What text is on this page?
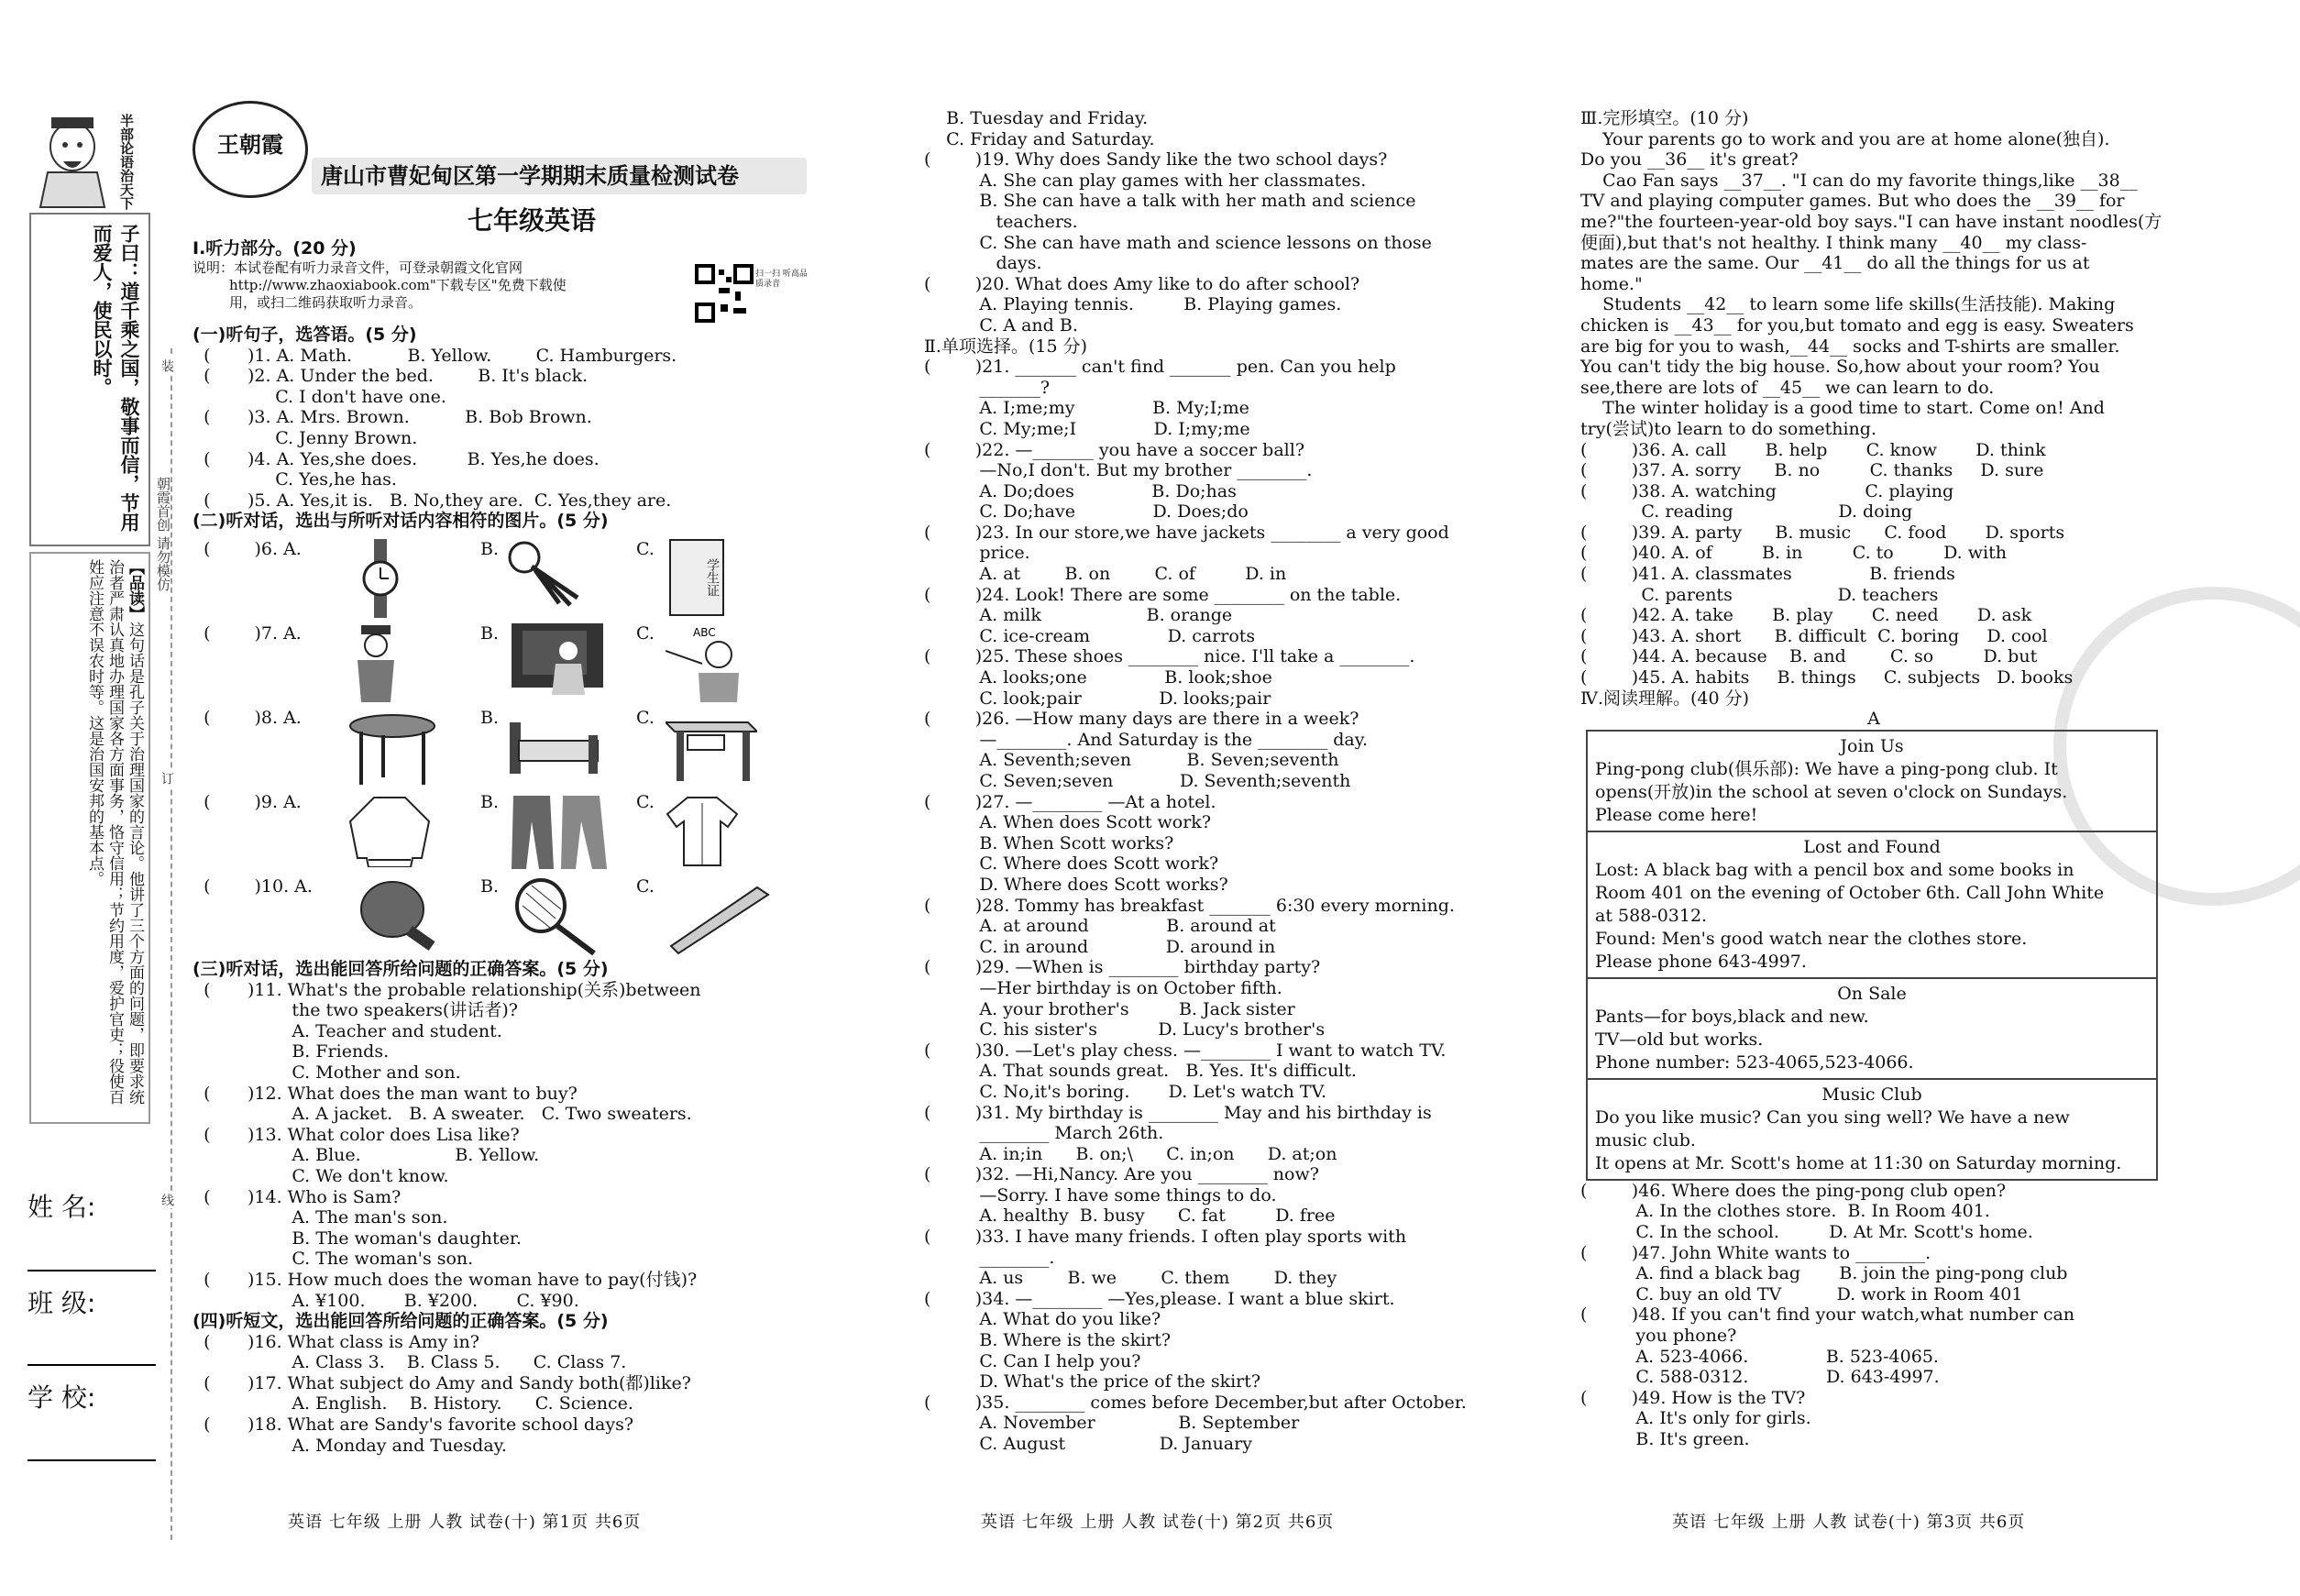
半部论语治天下
子曰：道千乘之国，敬事而信，节用而爱人，使民以时。
【品读】这句话是孔子关于治理国家的言论。他讲了三个方面的问题，即要求统治者严肃认真地办理国家各方面事务，恪守信用；节约用度，爱护官吏；役使百姓应注意不误农时等。这是治国安邦的基本点。
姓 名:
班 级:
学 校:
装
订
线
朝霞首创 请勿模仿
王朝霞
唐山市曹妃甸区第一学期期末质量检测试卷
七年级英语
Ⅰ.听力部分。(20 分)
说明：本试卷配有听力录音文件，可登录朝霞文化官网
http://www.zhaoxiabook.com"下载专区"免费下载使
用，或扫二维码获取听力录音。
扫一扫 听高品质录音
(一)听句子，选答语。(5 分)
( )1. A. Math.          B. Yellow.        C. Hamburgers.
( )2. A. Under the bed.        B. It's black.
C. I don't have one.
( )3. A. Mrs. Brown.          B. Bob Brown.
C. Jenny Brown.
( )4. A. Yes,she does.         B. Yes,he does.
C. Yes,he has.
( )5. A. Yes,it is.   B. No,they are.  C. Yes,they are.
(二)听对话，选出与所听对话内容相符的图片。(5 分)
(	)6. A.	B.	C.
学生证
(	)7. A.	B.	C.	ABC
(	)8. A.	B.	C.
(	)9. A.	B.	C.
(	)10. A.	B.	C.
(三)听对话，选出能回答所给问题的正确答案。(5 分)
( )11. What's the probable relationship(关系)between
the two speakers(讲话者)?
A. Teacher and student.
B. Friends.
C. Mother and son.
( )12. What does the man want to buy?
A. A jacket.   B. A sweater.   C. Two sweaters.
( )13. What color does Lisa like?
A. Blue.                 B. Yellow.
C. We don't know.
( )14. Who is Sam?
A. The man's son.
B. The woman's daughter.
C. The woman's son.
( )15. How much does the woman have to pay(付钱)?
A. ¥100.       B. ¥200.       C. ¥90.
(四)听短文，选出能回答所给问题的正确答案。(5 分)
( )16. What class is Amy in?
A. Class 3.    B. Class 5.      C. Class 7.
( )17. What subject do Amy and Sandy both(都)like?
A. English.    B. History.      C. Science.
( )18. What are Sandy's favorite school days?
A. Monday and Tuesday.
英语 七年级 上册 人教 试卷(十) 第1页 共6页
B. Tuesday and Friday.
C. Friday and Saturday.
(        )19. Why does Sandy like the two school days?
A. She can play games with her classmates.
B. She can have a talk with her math and science
teachers.
C. She can have math and science lessons on those
days.
(        )20. What does Amy like to do after school?
A. Playing tennis.         B. Playing games.
C. A and B.
Ⅱ.单项选择。(15 分)
(        )21. _______ can't find _______ pen. Can you help
_______?
A. I;me;my              B. My;I;me
C. My;me;I              D. I;my;me
(        )22. —_______ you have a soccer ball?
—No,I don't. But my brother ________.
A. Do;does              B. Do;has
C. Do;have              D. Does;do
(        )23. In our store,we have jackets ________ a very good
price.
A. at        B. on        C. of         D. in
(        )24. Look! There are some ________ on the table.
A. milk                   B. orange
C. ice-cream              D. carrots
(        )25. These shoes ________ nice. I'll take a ________.
A. looks;one              B. look;shoe
C. look;pair              D. looks;pair
(        )26. —How many days are there in a week?
—________. And Saturday is the ________ day.
A. Seventh;seven          B. Seven;seventh
C. Seven;seven            D. Seventh;seventh
(        )27. —________ —At a hotel.
A. When does Scott work?
B. When Scott works?
C. Where does Scott work?
D. Where does Scott works?
(        )28. Tommy has breakfast _______ 6:30 every morning.
A. at around              B. around at
C. in around              D. around in
(        )29. —When is ________ birthday party?
—Her birthday is on October fifth.
A. your brother's         B. Jack sister
C. his sister's           D. Lucy's brother's
(        )30. —Let's play chess. —________ I want to watch TV.
A. That sounds great.   B. Yes. It's difficult.
C. No,it's boring.       D. Let's watch TV.
(        )31. My birthday is ________ May and his birthday is
________ March 26th.
A. in;in      B. on;\      C. in;on      D. at;on
(        )32. —Hi,Nancy. Are you ________ now?
—Sorry. I have some things to do.
A. healthy  B. busy      C. fat         D. free
(        )33. I have many friends. I often play sports with
________.
A. us        B. we        C. them        D. they
(        )34. —________ —Yes,please. I want a blue skirt.
A. What do you like?
B. Where is the skirt?
C. Can I help you?
D. What's the price of the skirt?
(        )35. ________ comes before December,but after October.
A. November               B. September
C. August                 D. January
英语 七年级 上册 人教 试卷(十) 第2页 共6页
Ⅲ.完形填空。(10 分)
Your parents go to work and you are at home alone(独自).
Do you __36__ it's great?
Cao Fan says __37__. "I can do my favorite things,like __38__
TV and playing computer games. But who does the __39__ for
me?"the fourteen-year-old boy says."I can have instant noodles(方
便面),but that's not healthy. I think many __40__ my class-
mates are the same. Our __41__ do all the things for us at
home."
Students __42__ to learn some life skills(生活技能). Making
chicken is __43__ for you,but tomato and egg is easy. Sweaters
are big for you to wash,__44__ socks and T-shirts are smaller.
You can't tidy the big house. So,how about your room? You
see,there are lots of __45__ we can learn to do.
The winter holiday is a good time to start. Come on! And
try(尝试)to learn to do something.
(        )36. A. call       B. help       C. know       D. think
(        )37. A. sorry      B. no         C. thanks     D. sure
(        )38. A. watching                C. playing
C. reading                   D. doing
(        )39. A. party      B. music      C. food       D. sports
(        )40. A. of         B. in         C. to         D. with
(        )41. A. classmates              B. friends
C. parents                   D. teachers
(        )42. A. take       B. play       C. need       D. ask
(        )43. A. short      B. difficult  C. boring     D. cool
(        )44. A. because    B. and        C. so         D. but
(        )45. A. habits     B. things     C. subjects   D. books
Ⅳ.阅读理解。(40 分)
A
Join Us
Ping-pong club(俱乐部): We have a ping-pong club. It
opens(开放)in the school at seven o'clock on Sundays.
Please come here!
Lost and Found
Lost: A black bag with a pencil box and some books in
Room 401 on the evening of October 6th. Call John White
at 588-0312.
Found: Men's good watch near the clothes store.
Please phone 643-4997.
On Sale
Pants—for boys,black and new.
TV—old but works.
Phone number: 523-4065,523-4066.
Music Club
Do you like music? Can you sing well? We have a new
music club.
It opens at Mr. Scott's home at 11:30 on Saturday morning.
(        )46. Where does the ping-pong club open?
A. In the clothes store.  B. In Room 401.
C. In the school.         D. At Mr. Scott's home.
(        )47. John White wants to ________.
A. find a black bag       B. join the ping-pong club
C. buy an old TV          D. work in Room 401
(        )48. If you can't find your watch,what number can
you phone?
A. 523-4066.              B. 523-4065.
C. 588-0312.              D. 643-4997.
(        )49. How is the TV?
A. It's only for girls.
B. It's green.
英语 七年级 上册 人教 试卷(十) 第3页 共6页
